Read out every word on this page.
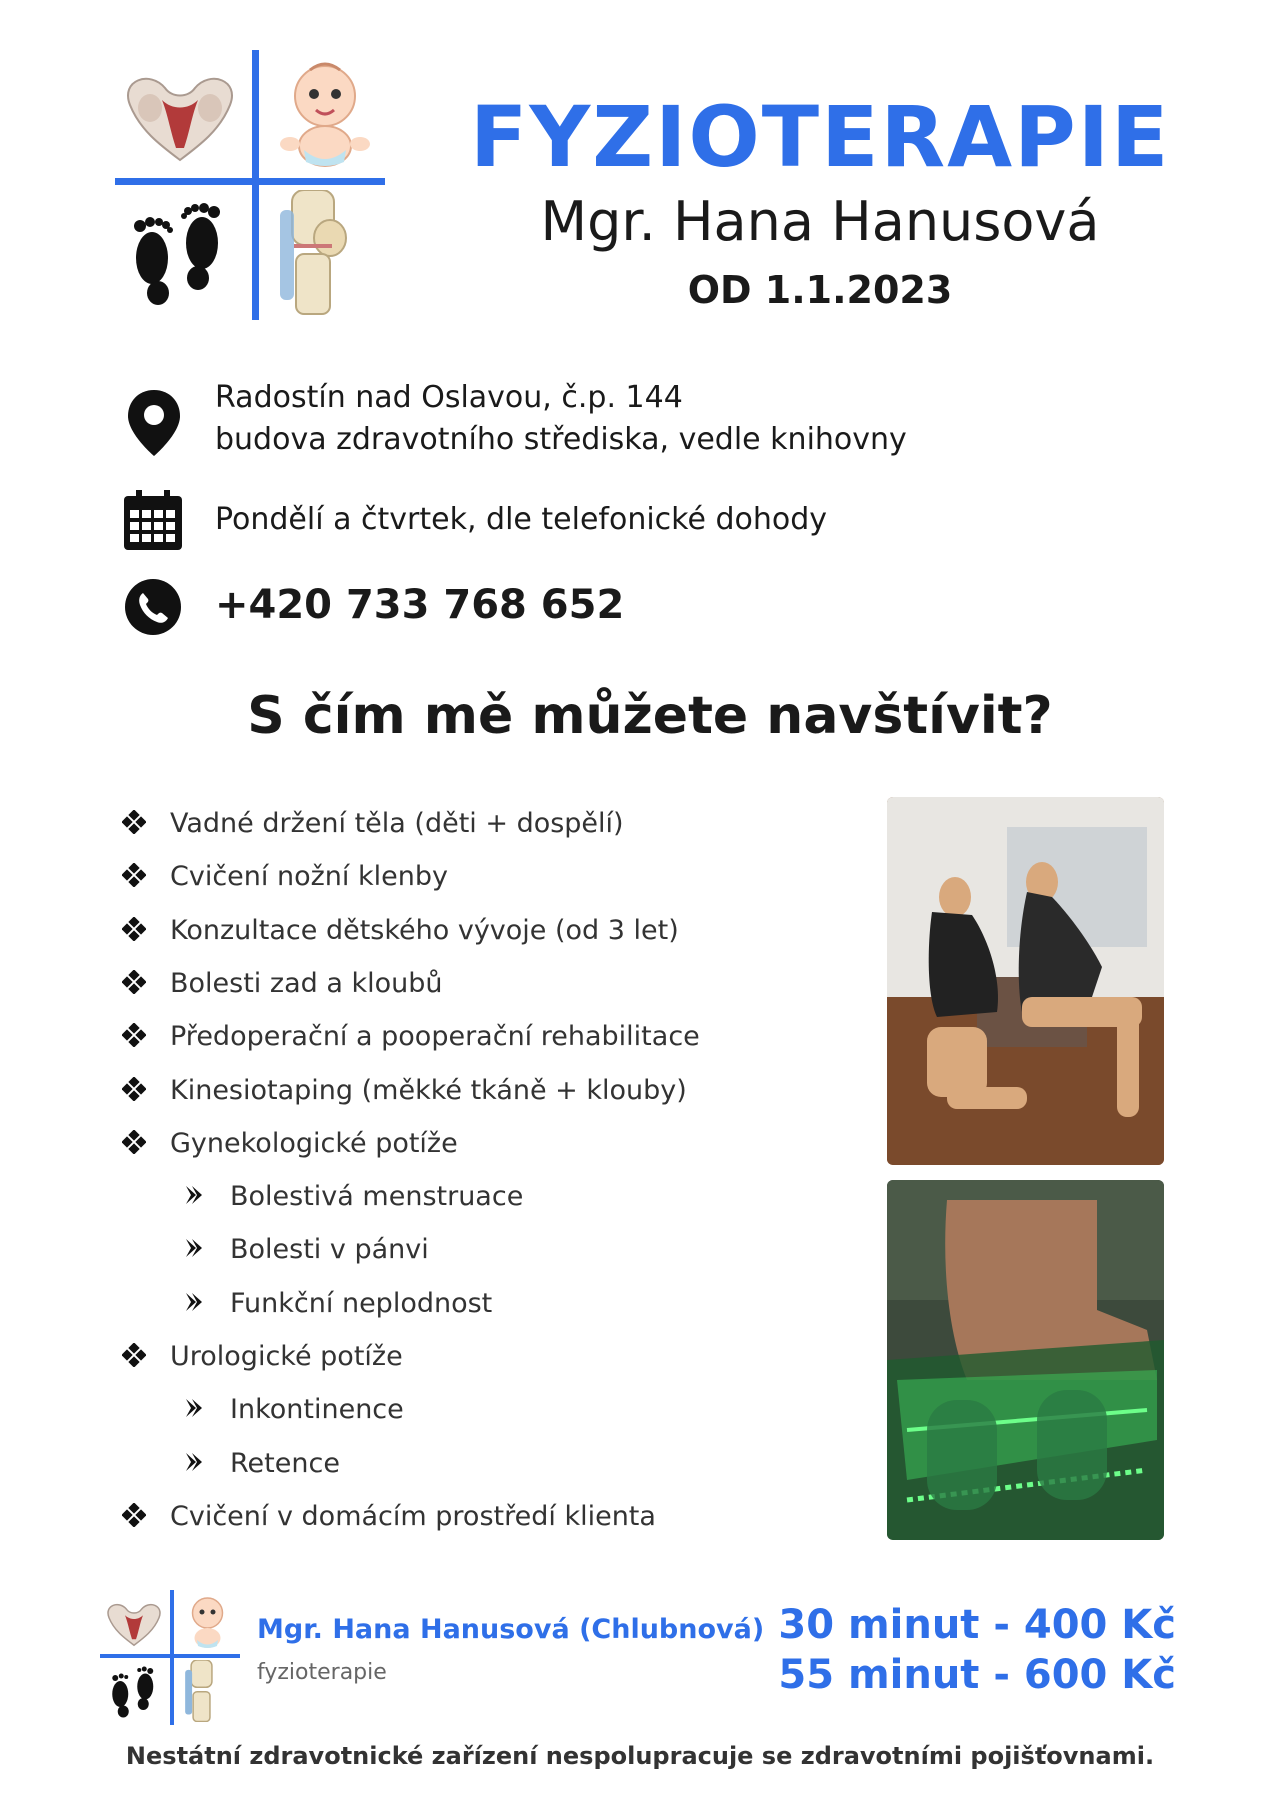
FYZIOTERAPIE
Mgr. Hana Hanusová
OD 1.1.2023
Radostín nad Oslavou, č.p. 144
budova zdravotního střediska, vedle knihovny
Pondělí a čtvrtek, dle telefonické dohody
+420 733 768 652
S čím mě můžete navštívit?
Vadné držení těla (děti + dospělí)
Cvičení nožní klenby
Konzultace dětského vývoje (od 3 let)
Bolesti zad a kloubů
Předoperační a pooperační rehabilitace
Kinesiotaping (měkké tkáně + klouby)
Gynekologické potíže
Bolestivá menstruace
Bolesti v pánvi
Funkční neplodnost
Urologické potíže
Inkontinence
Retence
Cvičení v domácím prostředí klienta
Mgr. Hana Hanusová (Chlubnová)
fyzioterapie
30 minut - 400 Kč
55 minut - 600 Kč
Nestátní zdravotnické zařízení nespolupracuje se zdravotními pojišťovnami.
